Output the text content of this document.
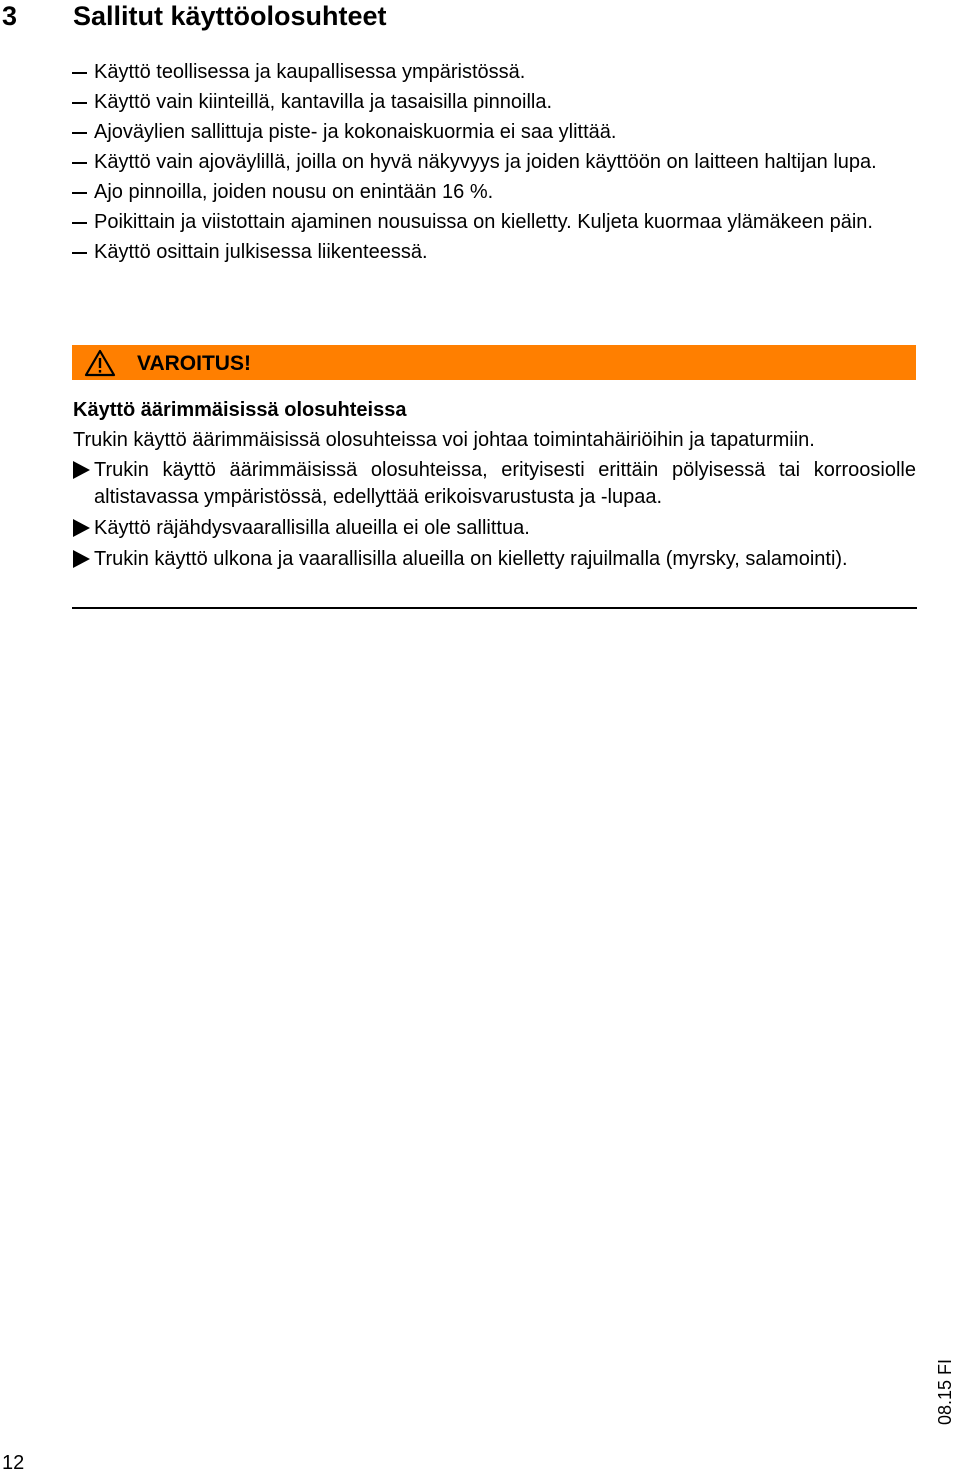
3 Sallitut käyttöolosuhteet
Käyttö teollisessa ja kaupallisessa ympäristössä.
Käyttö vain kiinteillä, kantavilla ja tasaisilla pinnoilla.
Ajoväylien sallittuja piste- ja kokonaiskuormia ei saa ylittää.
Käyttö vain ajoväylillä, joilla on hyvä näkyvyys ja joiden käyttöön on laitteen haltijan lupa.
Ajo pinnoilla, joiden nousu on enintään 16 %.
Poikittain ja viistottain ajaminen nousuissa on kielletty. Kuljeta kuormaa ylämäkeen päin.
Käyttö osittain julkisessa liikenteessä.
VAROITUS!
Käyttö äärimmäisissä olosuhteissa
Trukin käyttö äärimmäisissä olosuhteissa voi johtaa toimintahäiriöihin ja tapaturmiin.
Trukin käyttö äärimmäisissä olosuhteissa, erityisesti erittäin pölyisessä tai korroosiolle altistavassa ympäristössä, edellyttää erikoisvarustusta ja -lupaa.
Käyttö räjähdysvaarallisilla alueilla ei ole sallittua.
Trukin käyttö ulkona ja vaarallisilla alueilla on kielletty rajuilmalla (myrsky, salamointi).
08.15 FI
12
